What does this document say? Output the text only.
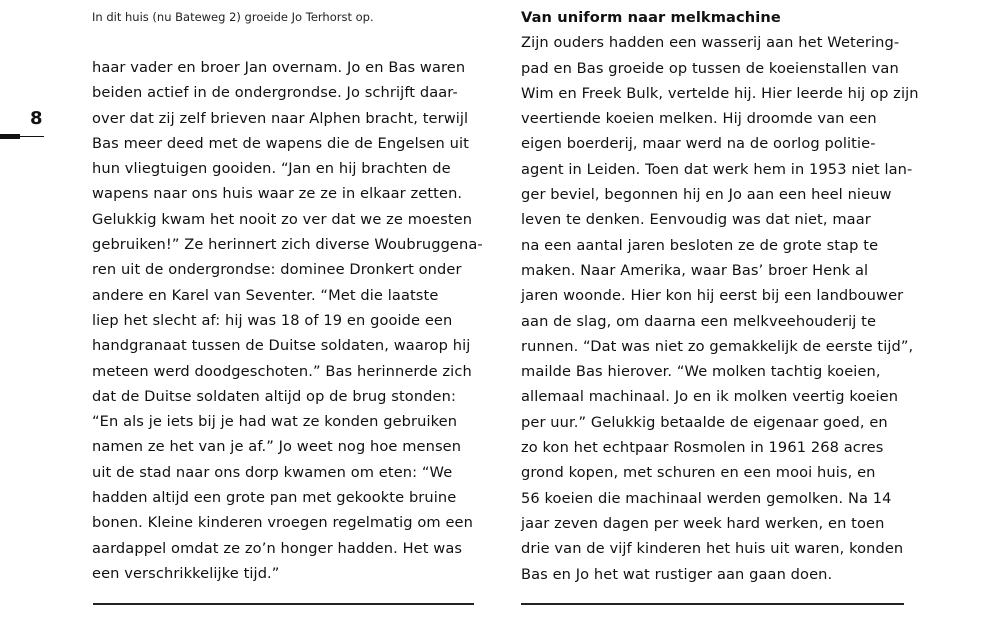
In dit huis (nu Bateweg 2) groeide Jo Terhorst op.
8
haar vader en broer Jan overnam. Jo en Bas waren
beiden actief in de ondergrondse. Jo schrijft daar-
over dat zij zelf brieven naar Alphen bracht, terwijl
Bas meer deed met de wapens die de Engelsen uit
hun vliegtuigen gooiden. “Jan en hij brachten de
wapens naar ons huis waar ze ze in elkaar zetten.
Gelukkig kwam het nooit zo ver dat we ze moesten
gebruiken!” Ze herinnert zich diverse Woubruggena-
ren uit de ondergrondse: dominee Dronkert onder
andere en Karel van Seventer. “Met die laatste
liep het slecht af: hij was 18 of 19 en gooide een
handgranaat tussen de Duitse soldaten, waarop hij
meteen werd doodgeschoten.” Bas herinnerde zich
dat de Duitse soldaten altijd op de brug stonden:
“En als je iets bij je had wat ze konden gebruiken
namen ze het van je af.” Jo weet nog hoe mensen
uit de stad naar ons dorp kwamen om eten: “We
hadden altijd een grote pan met gekookte bruine
bonen. Kleine kinderen vroegen regelmatig om een
aardappel omdat ze zo’n honger hadden. Het was
een verschrikkelijke tijd.”
Van uniform naar melkmachine
Zijn ouders hadden een wasserij aan het Wetering-
pad en Bas groeide op tussen de koeienstallen van
Wim en Freek Bulk, vertelde hij. Hier leerde hij op zijn
veertiende koeien melken. Hij droomde van een
eigen boerderij, maar werd na de oorlog politie-
agent in Leiden. Toen dat werk hem in 1953 niet lan-
ger beviel, begonnen hij en Jo aan een heel nieuw
leven te denken. Eenvoudig was dat niet, maar
na een aantal jaren besloten ze de grote stap te
maken. Naar Amerika, waar Bas’ broer Henk al
jaren woonde. Hier kon hij eerst bij een landbouwer
aan de slag, om daarna een melkveehouderij te
runnen. “Dat was niet zo gemakkelijk de eerste tijd”,
mailde Bas hierover. “We molken tachtig koeien,
allemaal machinaal. Jo en ik molken veertig koeien
per uur.” Gelukkig betaalde de eigenaar goed, en
zo kon het echtpaar Rosmolen in 1961 268 acres
grond kopen, met schuren en een mooi huis, en
56 koeien die machinaal werden gemolken. Na 14
jaar zeven dagen per week hard werken, en toen
drie van de vijf kinderen het huis uit waren, konden
Bas en Jo het wat rustiger aan gaan doen.
